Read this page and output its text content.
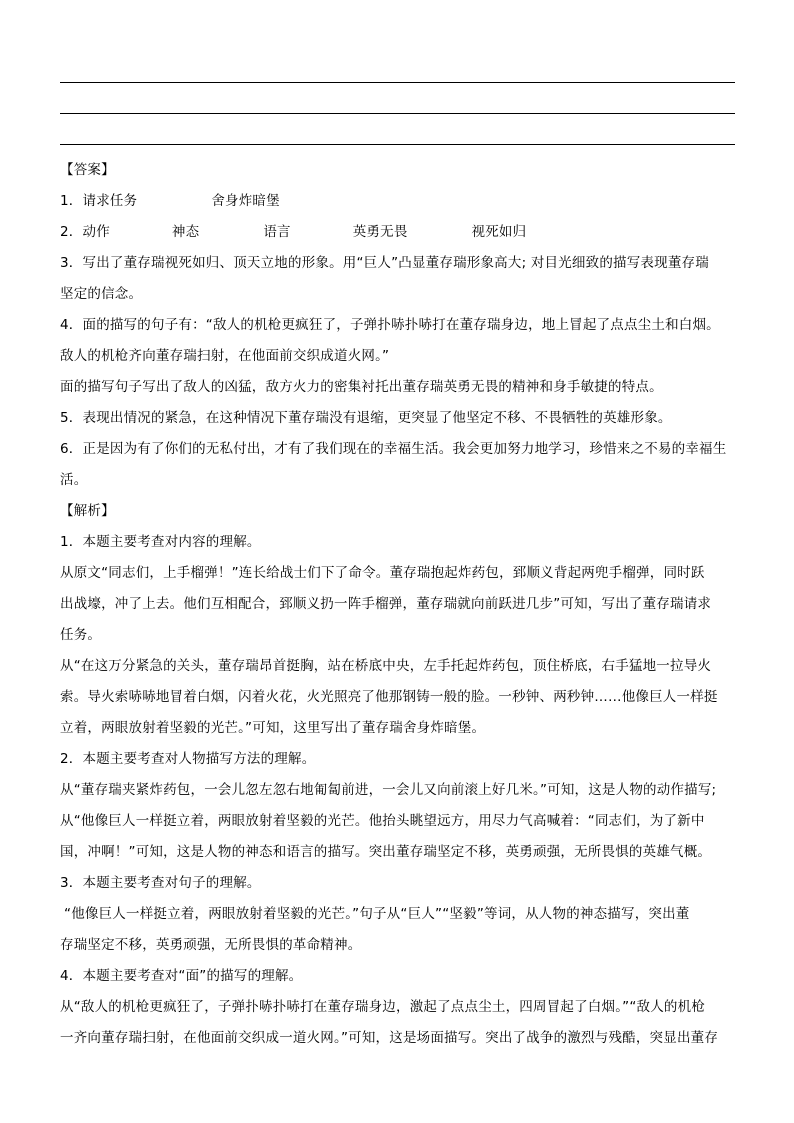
【答案】
1．请求任务	舍身炸暗堡
2．动作	神态	语言	英勇无畏	视死如归
3．写出了董存瑞视死如归、顶天立地的形象。用“巨人”凸显董存瑞形象高大; 对目光细致的描写表现董存瑞
坚定的信念。
4．面的描写的句子有：“敌人的机枪更疯狂了，子弹扑哧扑哧打在董存瑞身边，地上冒起了点点尘土和白烟。
敌人的机枪齐向董存瑞扫射，在他面前交织成道火网。”
面的描写句子写出了敌人的凶猛，敌方火力的密集衬托出董存瑞英勇无畏的精神和身手敏捷的特点。
5．表现出情况的紧急，在这种情况下董存瑞没有退缩，更突显了他坚定不移、不畏牺牲的英雄形象。
6．正是因为有了你们的无私付出，才有了我们现在的幸福生活。我会更加努力地学习，珍惜来之不易的幸福生
活。
【解析】
1．本题主要考查对内容的理解。
从原文“同志们，上手榴弹！”连长给战士们下了命令。董存瑞抱起炸药包，郅顺义背起两兜手榴弹，同时跃
出战壕，冲了上去。他们互相配合，郅顺义扔一阵手榴弹，董存瑞就向前跃进几步”可知，写出了董存瑞请求
任务。
从“在这万分紧急的关头，董存瑞昂首挺胸，站在桥底中央，左手托起炸药包，顶住桥底，右手猛地一拉导火
索。导火索哧哧地冒着白烟，闪着火花，火光照亮了他那钢铸一般的脸。一秒钟、两秒钟……他像巨人一样挺
立着，两眼放射着坚毅的光芒。”可知，这里写出了董存瑞舍身炸暗堡。
2．本题主要考查对人物描写方法的理解。
从“董存瑞夹紧炸药包，一会儿忽左忽右地匍匐前进，一会儿又向前滚上好几米。”可知，这是人物的动作描写;
从“他像巨人一样挺立着，两眼放射着坚毅的光芒。他抬头眺望远方，用尽力气高喊着：“同志们，为了新中
国，冲啊！”可知，这是人物的神态和语言的描写。突出董存瑞坚定不移，英勇顽强，无所畏惧的英雄气概。
3．本题主要考查对句子的理解。
“他像巨人一样挺立着，两眼放射着坚毅的光芒。”句子从“巨人”“坚毅”等词，从人物的神态描写，突出董
存瑞坚定不移，英勇顽强，无所畏惧的革命精神。
4．本题主要考查对“面”的描写的理解。
从“敌人的机枪更疯狂了，子弹扑哧扑哧打在董存瑞身边，激起了点点尘土，四周冒起了白烟。”“敌人的机枪
一齐向董存瑞扫射，在他面前交织成一道火网。”可知，这是场面描写。突出了战争的激烈与残酷，突显出董存
